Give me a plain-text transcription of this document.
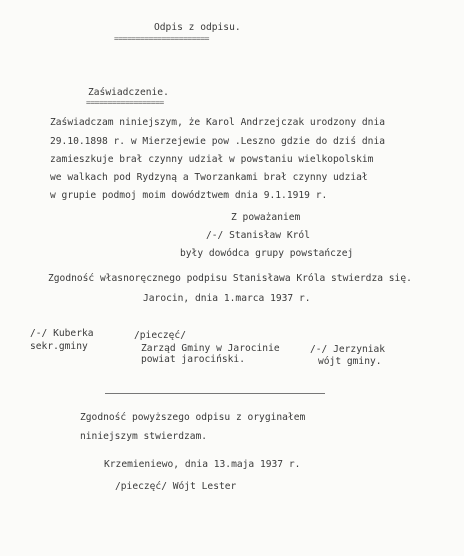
Odpis z odpisu.
======================
Zaświadczenie.
==================
Zaświadczam niniejszym, że Karol Andrzejczak urodzony dnia
29.10.1898 r. w Mierzejewie pow .Leszno gdzie do dziś dnia
zamieszkuje brał czynny udział w powstaniu wielkopolskim
we walkach pod Rydzyną a Tworzankami brał czynny udział
w grupie podmoj moim dowództwem dnia 9.1.1919 r.
Z poważaniem
/-/ Stanisław Król
były dowódca grupy powstańczej
Zgodność własnoręcznego podpisu Stanisława Króla stwierdza się.
Jarocin, dnia 1.marca 1937 r.
/-/ Kuberka
sekr.gminy
/pieczęć/
Zarząd Gminy w Jarocinie
powiat jarociński.
/-/ Jerzyniak
wójt gminy.
Zgodność powyższego odpisu z oryginałem
niniejszym stwierdzam.
Krzemieniewo, dnia 13.maja 1937 r.
/pieczęć/ Wójt Lester
